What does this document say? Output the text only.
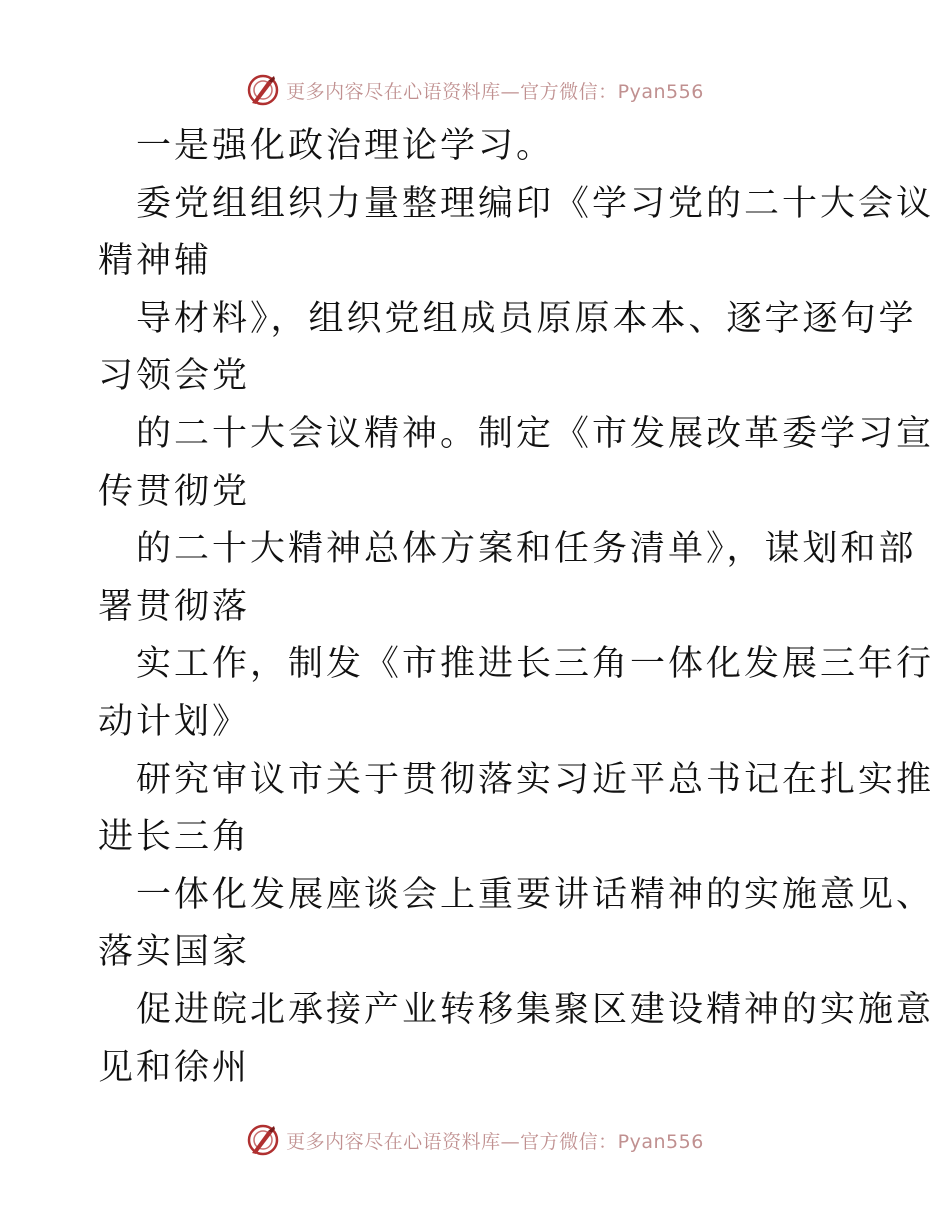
更多内容尽在心语资料库—官方微信：Pyan556
一是强化政治理论学习。
委党组组织力量整理编印《学习党的二十大会议
精神辅
导材料》，组织党组成员原原本本、逐字逐句学
习领会党
的二十大会议精神。制定《市发展改革委学习宣
传贯彻党
的二十大精神总体方案和任务清单》，谋划和部
署贯彻落
实工作，制发《市推进长三角一体化发展三年行
动计划》
研究审议市关于贯彻落实习近平总书记在扎实推
进长三角
一体化发展座谈会上重要讲话精神的实施意见、
落实国家
促进皖北承接产业转移集聚区建设精神的实施意
见和徐州
更多内容尽在心语资料库—官方微信：Pyan556
